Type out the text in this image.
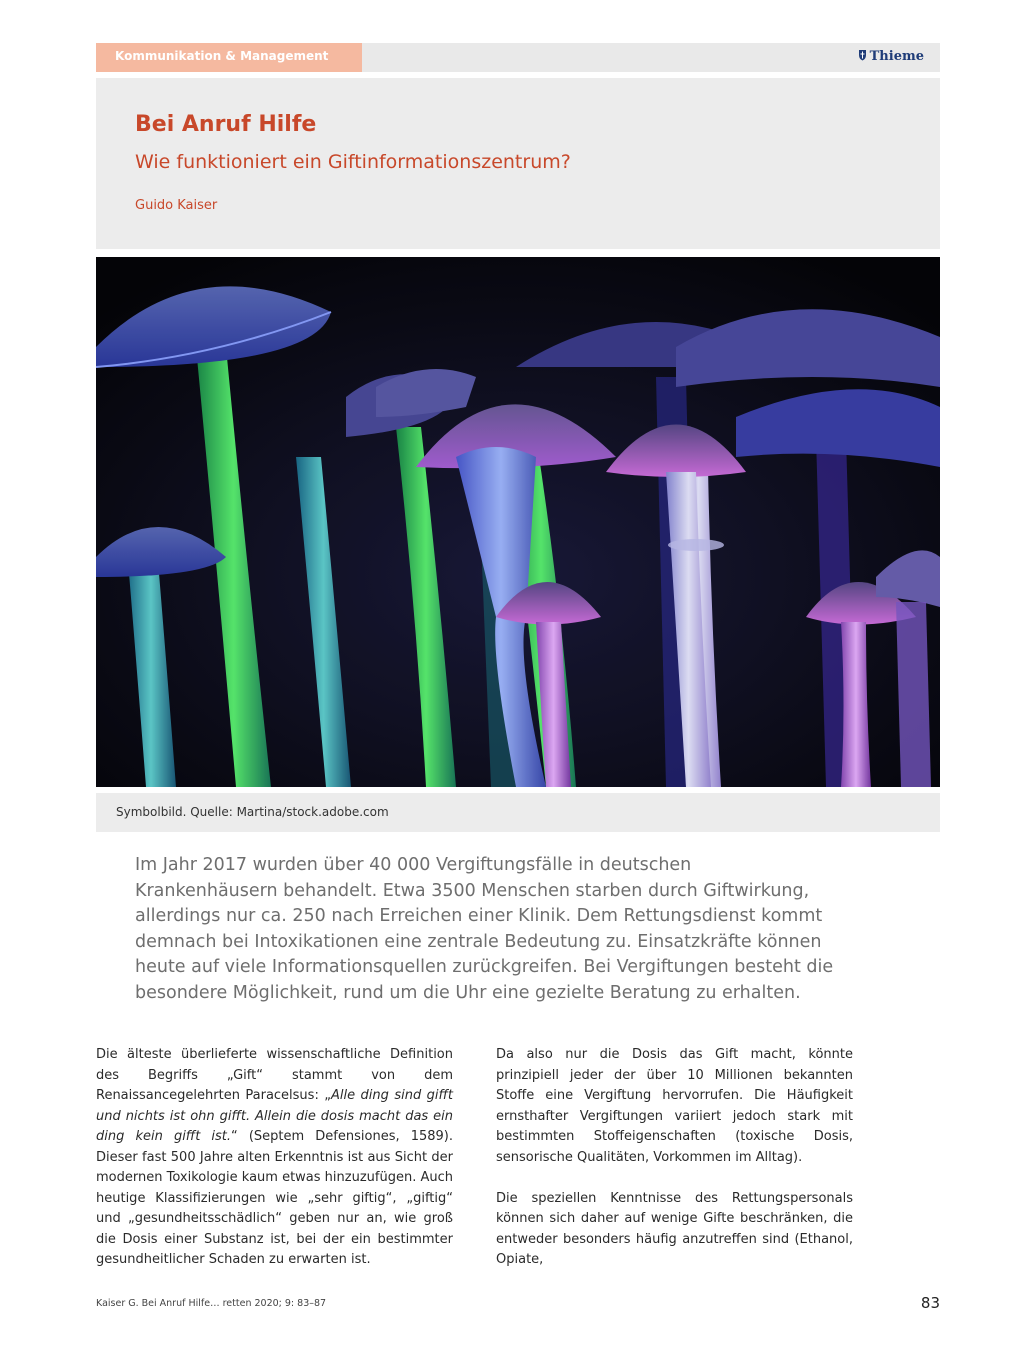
Kommunikation & Management	Thieme
Bei Anruf Hilfe
Wie funktioniert ein Giftinformationszentrum?
Guido Kaiser
Symbolbild. Quelle: Martina/stock.adobe.com
Im Jahr 2017 wurden über 40 000 Vergiftungsfälle in deutschen Krankenhäusern behandelt. Etwa 3500 Menschen starben durch Giftwirkung, allerdings nur ca. 250 nach Erreichen einer Klinik. Dem Rettungsdienst kommt demnach bei Intoxikationen eine zentrale Bedeutung zu. Einsatzkräfte können heute auf viele Informationsquellen zurückgreifen. Bei Vergiftungen besteht die besondere Möglichkeit, rund um die Uhr eine gezielte Beratung zu erhalten.

Die älteste überlieferte wissenschaftliche Definition des Begriffs „Gift“ stammt von dem Renaissancegelehrten Paracelsus: „Alle ding sind gifft und nichts ist ohn gifft. Allein die dosis macht das ein ding kein gifft ist.“ (Septem Defensiones, 1589). Dieser fast 500 Jahre alten Erkenntnis ist aus Sicht der modernen Toxikologie kaum etwas hinzuzufügen. Auch heutige Klassifizierungen wie „sehr giftig“, „giftig“ und „gesundheitsschädlich“ geben nur an, wie groß die Dosis einer Substanz ist, bei der ein bestimmter gesundheitlicher Schaden zu erwarten ist.

Da also nur die Dosis das Gift macht, könnte prinzipiell jeder der über 10 Millionen bekannten Stoffe eine Vergiftung hervorrufen. Die Häufigkeit ernsthafter Vergiftungen variiert jedoch stark mit bestimmten Stoffeigenschaften (toxische Dosis, sensorische Qualitäten, Vorkommen im Alltag).

Die speziellen Kenntnisse des Rettungspersonals können sich daher auf wenige Gifte beschränken, die entweder besonders häufig anzutreffen sind (Ethanol, Opiate,

Kaiser G. Bei Anruf Hilfe… retten 2020; 9: 83–87	83
